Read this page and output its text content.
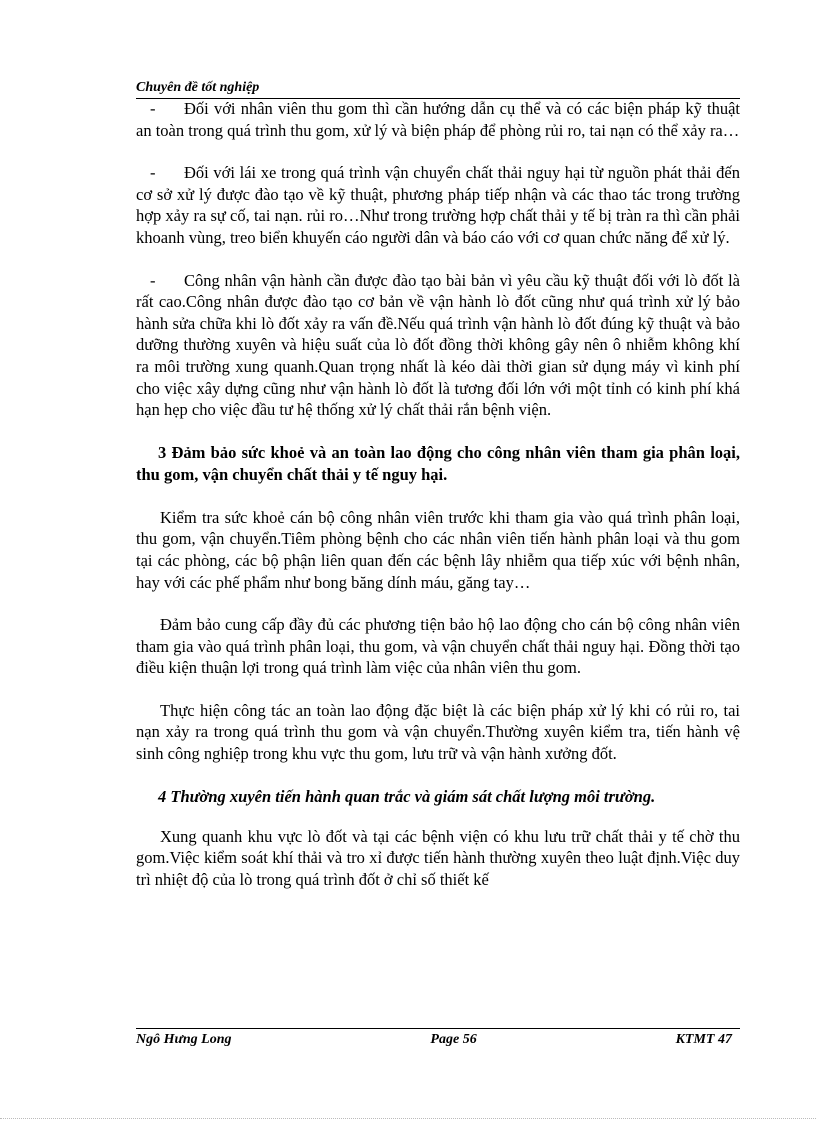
Chuyên đề tốt nghiệp

- Đối với nhân viên thu gom thì cần hướng dẫn cụ thể và có các biện pháp kỹ thuật an toàn trong quá trình thu gom, xử lý và biện pháp để phòng rủi ro, tai nạn có thể xảy ra…

- Đối với lái xe trong quá trình vận chuyển chất thải nguy hại từ nguồn phát thải đến cơ sở xử lý được đào tạo về kỹ thuật, phương pháp tiếp nhận và các thao tác trong trường hợp xảy ra sự cố, tai nạn. rủi ro…Như trong trường hợp chất thải y tế bị tràn ra thì cần phải khoanh vùng, treo biển khuyến cáo người dân và báo cáo với cơ quan chức năng để xử lý.

- Công nhân vận hành cần được đào tạo bài bản vì yêu cầu kỹ thuật đối với lò đốt là rất cao.Công nhân được đào tạo cơ bản về vận hành lò đốt cũng như quá trình xử lý bảo hành sửa chữa khi lò đốt xảy ra vấn đề.Nếu quá trình vận hành lò đốt đúng kỹ thuật và bảo dưỡng thường xuyên và hiệu suất của lò đốt đồng thời không gây nên ô nhiễm không khí ra môi trường xung quanh.Quan trọng nhất là kéo dài thời gian sử dụng máy vì kinh phí cho việc xây dựng cũng như vận hành lò đốt là tương đối lớn với một tỉnh có kinh phí khá hạn hẹp cho việc đầu tư hệ thống xử lý chất thải rắn bệnh viện.

3 Đảm bảo sức khoẻ và an toàn lao động cho công nhân viên tham gia phân loại, thu gom, vận chuyển chất thải y tế nguy hại.

Kiểm tra sức khoẻ cán bộ công nhân viên trước khi tham gia vào quá trình phân loại, thu gom, vận chuyển.Tiêm phòng bệnh cho các nhân viên tiến hành phân loại và thu gom tại các phòng, các bộ phận liên quan đến các bệnh lây nhiễm qua tiếp xúc với bệnh nhân, hay với các phế phẩm như bong băng dính máu, găng tay…

Đảm bảo cung cấp đầy đủ các phương tiện bảo hộ lao động cho cán bộ công nhân viên tham gia vào quá trình phân loại, thu gom, và vận chuyển chất thải nguy hại. Đồng thời tạo điều kiện thuận lợi trong quá trình làm việc của nhân viên thu gom.

Thực hiện công tác an toàn lao động đặc biệt là các biện pháp xử lý khi có rủi ro, tai nạn xảy ra trong quá trình thu gom và vận chuyển.Thường xuyên kiểm tra, tiến hành vệ sinh công nghiệp trong khu vực thu gom, lưu trữ và vận hành xưởng đốt.

4 Thường xuyên tiến hành quan trắc và giám sát chất lượng môi trường.

Xung quanh khu vực lò đốt và tại các bệnh viện có khu lưu trữ chất thải y tế chờ thu gom.Việc kiểm soát khí thải và tro xỉ được tiến hành thường xuyên theo luật định.Việc duy trì nhiệt độ của lò trong quá trình đốt ở chỉ số thiết kế

Ngô Hưng Long	Page 56	KTMT 47
